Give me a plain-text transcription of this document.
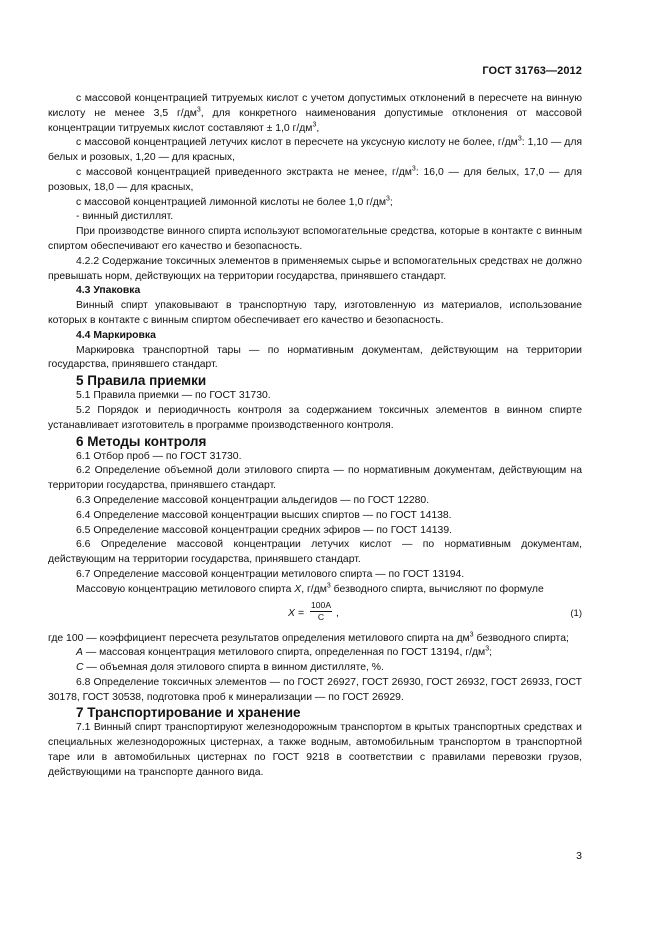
ГОСТ 31763—2012

с массовой концентрацией титруемых кислот с учетом допустимых отклонений в пересчете на винную кислоту не менее 3,5 $г/дм^3$, для конкретного наименования допустимые отклонения от массовой концентрации титруемых кислот составляют ± 1,0 $г/дм^3$,

с массовой концентрацией летучих кислот в пересчете на уксусную кислоту не более, $г/дм^3$: 1,10 — для белых и розовых, 1,20 — для красных,

с массовой концентрацией приведенного экстракта не менее, $г/дм^3$: 16,0 — для белых, 17,0 — для розовых, 18,0 — для красных,

с массовой концентрацией лимонной кислоты не более 1,0 $г/дм^3$;

- винный дистиллят.

При производстве винного спирта используют вспомогательные средства, которые в контакте с винным спиртом обеспечивают его качество и безопасность.

4.2.2 Содержание токсичных элементов в применяемых сырье и вспомогательных средствах не должно превышать норм, действующих на территории государства, принявшего стандарт.

4.3 Упаковка

Винный спирт упаковывают в транспортную тару, изготовленную из материалов, использование которых в контакте с винным спиртом обеспечивает его качество и безопасность.

4.4 Маркировка

Маркировка транспортной тары — по нормативным документам, действующим на территории государства, принявшего стандарт.

5 Правила приемки

5.1 Правила приемки — по ГОСТ 31730.

5.2 Порядок и периодичность контроля за содержанием токсичных элементов в винном спирте устанавливает изготовитель в программе производственного контроля.

6 Методы контроля

6.1 Отбор проб — по ГОСТ 31730.

6.2 Определение объемной доли этилового спирта — по нормативным документам, действующим на территории государства, принявшего стандарт.

6.3 Определение массовой концентрации альдегидов — по ГОСТ 12280.

6.4 Определение массовой концентрации высших спиртов — по ГОСТ 14138.

6.5 Определение массовой концентрации средних эфиров — по ГОСТ 14139.

6.6 Определение массовой концентрации летучих кислот — по нормативным документам, действующим на территории государства, принявшего стандарт.

6.7 Определение массовой концентрации метилового спирта — по ГОСТ 13194.

Массовую концентрацию метилового спирта X, $г/дм^3$ безводного спирта, вычисляют по формуле

$X = \frac{100A}{C}$ ,	(1)

где 100 — коэффициент пересчета результатов определения метилового спирта на $дм^3$ безводного спирта;

A — массовая концентрация метилового спирта, определенная по ГОСТ 13194, $г/дм^3$;

C — объемная доля этилового спирта в винном дистилляте, %.

6.8 Определение токсичных элементов — по ГОСТ 26927, ГОСТ 26930, ГОСТ 26932, ГОСТ 26933, ГОСТ 30178, ГОСТ 30538, подготовка проб к минерализации — по ГОСТ 26929.

7 Транспортирование и хранение

7.1 Винный спирт транспортируют железнодорожным транспортом в крытых транспортных средствах и специальных железнодорожных цистернах, а также водным, автомобильным транспортом в транспортной таре или в автомобильных цистернах по ГОСТ 9218 в соответствии с правилами перевозки грузов, действующими на транспорте данного вида.

3
